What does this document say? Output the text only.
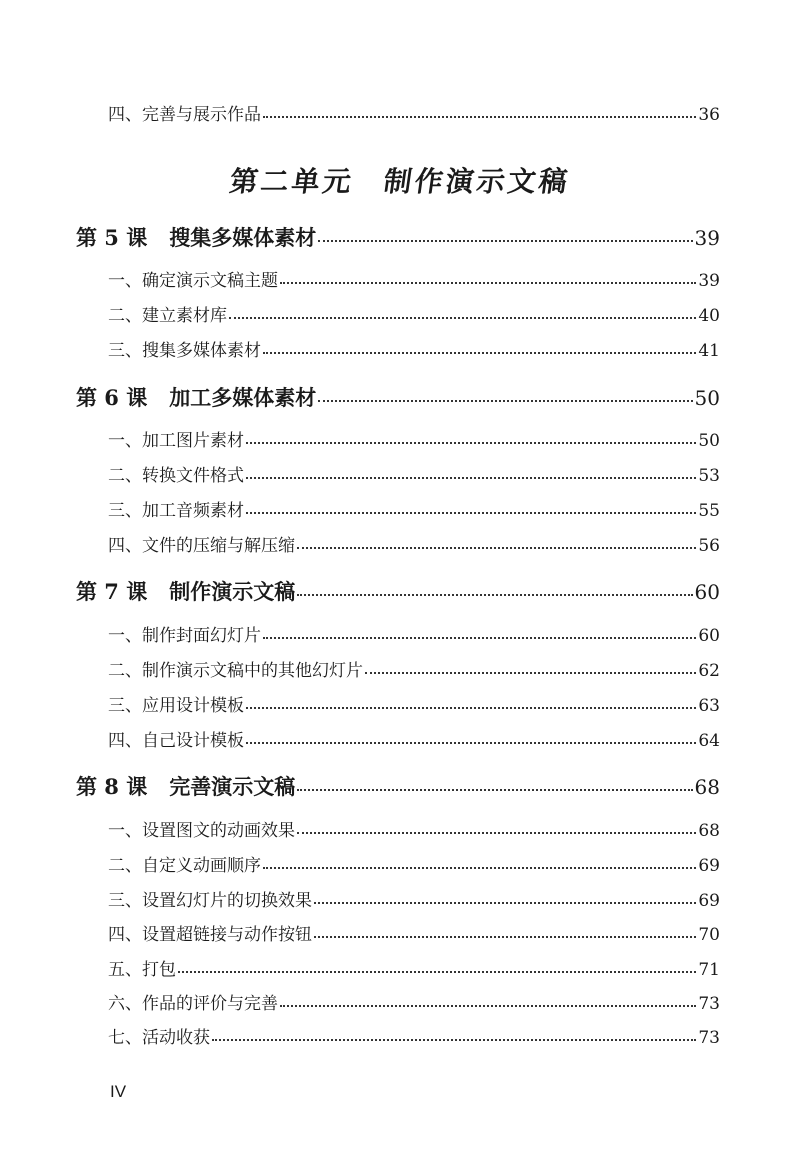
四、完善与展示作品	36
第二单元 制作演示文稿
第 5 课 搜集多媒体素材	39
一、确定演示文稿主题	39
二、建立素材库	40
三、搜集多媒体素材	41
第 6 课 加工多媒体素材	50
一、加工图片素材	50
二、转换文件格式	53
三、加工音频素材	55
四、文件的压缩与解压缩	56
第 7 课 制作演示文稿	60
一、制作封面幻灯片	60
二、制作演示文稿中的其他幻灯片	62
三、应用设计模板	63
四、自己设计模板	64
第 8 课 完善演示文稿	68
一、设置图文的动画效果	68
二、自定义动画顺序	69
三、设置幻灯片的切换效果	69
四、设置超链接与动作按钮	70
五、打包	71
六、作品的评价与完善	73
七、活动收获	73
IV
